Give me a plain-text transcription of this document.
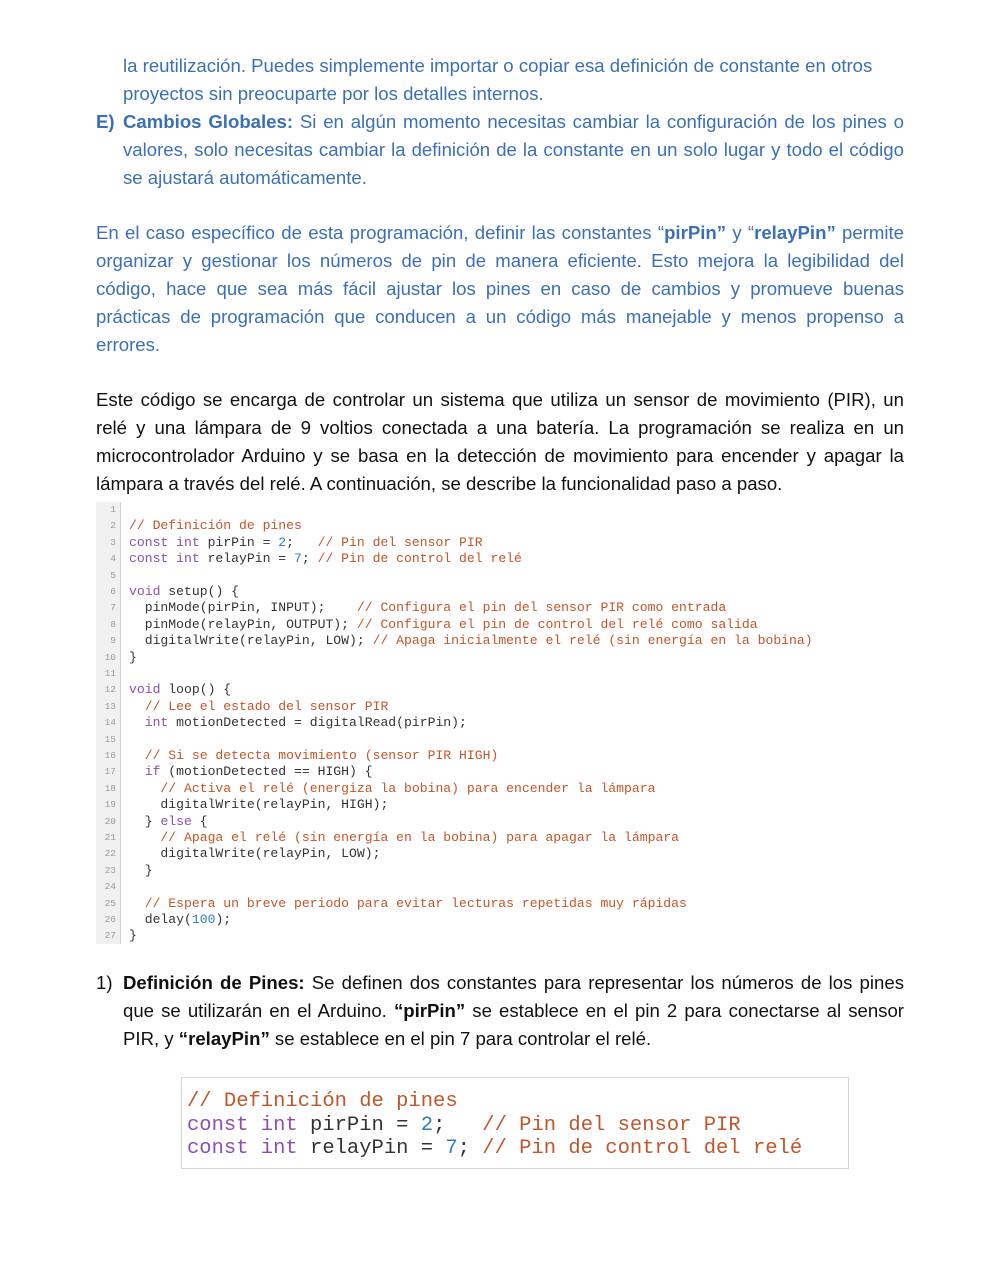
la reutilización. Puedes simplemente importar o copiar esa definición de constante en otros
proyectos sin preocuparte por los detalles internos.
E) Cambios Globales: Si en algún momento necesitas cambiar la configuración de los pines o valores, solo necesitas cambiar la definición de la constante en un solo lugar y todo el código se ajustará automáticamente.
En el caso específico de esta programación, definir las constantes “pirPin” y “relayPin” permite organizar y gestionar los números de pin de manera eficiente. Esto mejora la legibilidad del código, hace que sea más fácil ajustar los pines en caso de cambios y promueve buenas prácticas de programación que conducen a un código más manejable y menos propenso a errores.
Este código se encarga de controlar un sistema que utiliza un sensor de movimiento (PIR), un relé y una lámpara de 9 voltios conectada a una batería. La programación se realiza en un microcontrolador Arduino y se basa en la detección de movimiento para encender y apagar la lámpara a través del relé. A continuación, se describe la funcionalidad paso a paso.
1
2
3
4
5
6
7
8
9
10
11
12
13
14
15
16
17
18
19
20
21
22
23
24
25
26
27
// Definición de pines
const int pirPin = 2;   // Pin del sensor PIR
const int relayPin = 7; // Pin de control del relé
void setup() {
pinMode(pirPin, INPUT);    // Configura el pin del sensor PIR como entrada
pinMode(relayPin, OUTPUT); // Configura el pin de control del relé como salida
digitalWrite(relayPin, LOW); // Apaga inicialmente el relé (sin energía en la bobina)
}
void loop() {
// Lee el estado del sensor PIR
int motionDetected = digitalRead(pirPin);
// Si se detecta movimiento (sensor PIR HIGH)
if (motionDetected == HIGH) {
// Activa el relé (energiza la bobina) para encender la lámpara
digitalWrite(relayPin, HIGH);
} else {
// Apaga el relé (sin energía en la bobina) para apagar la lámpara
digitalWrite(relayPin, LOW);
}
// Espera un breve periodo para evitar lecturas repetidas muy rápidas
delay(100);
}
1) Definición de Pines: Se definen dos constantes para representar los números de los pines que se utilizarán en el Arduino. “pirPin” se establece en el pin 2 para conectarse al sensor PIR, y “relayPin” se establece en el pin 7 para controlar el relé.
// Definición de pines
const int pirPin = 2;   // Pin del sensor PIR
const int relayPin = 7; // Pin de control del relé
